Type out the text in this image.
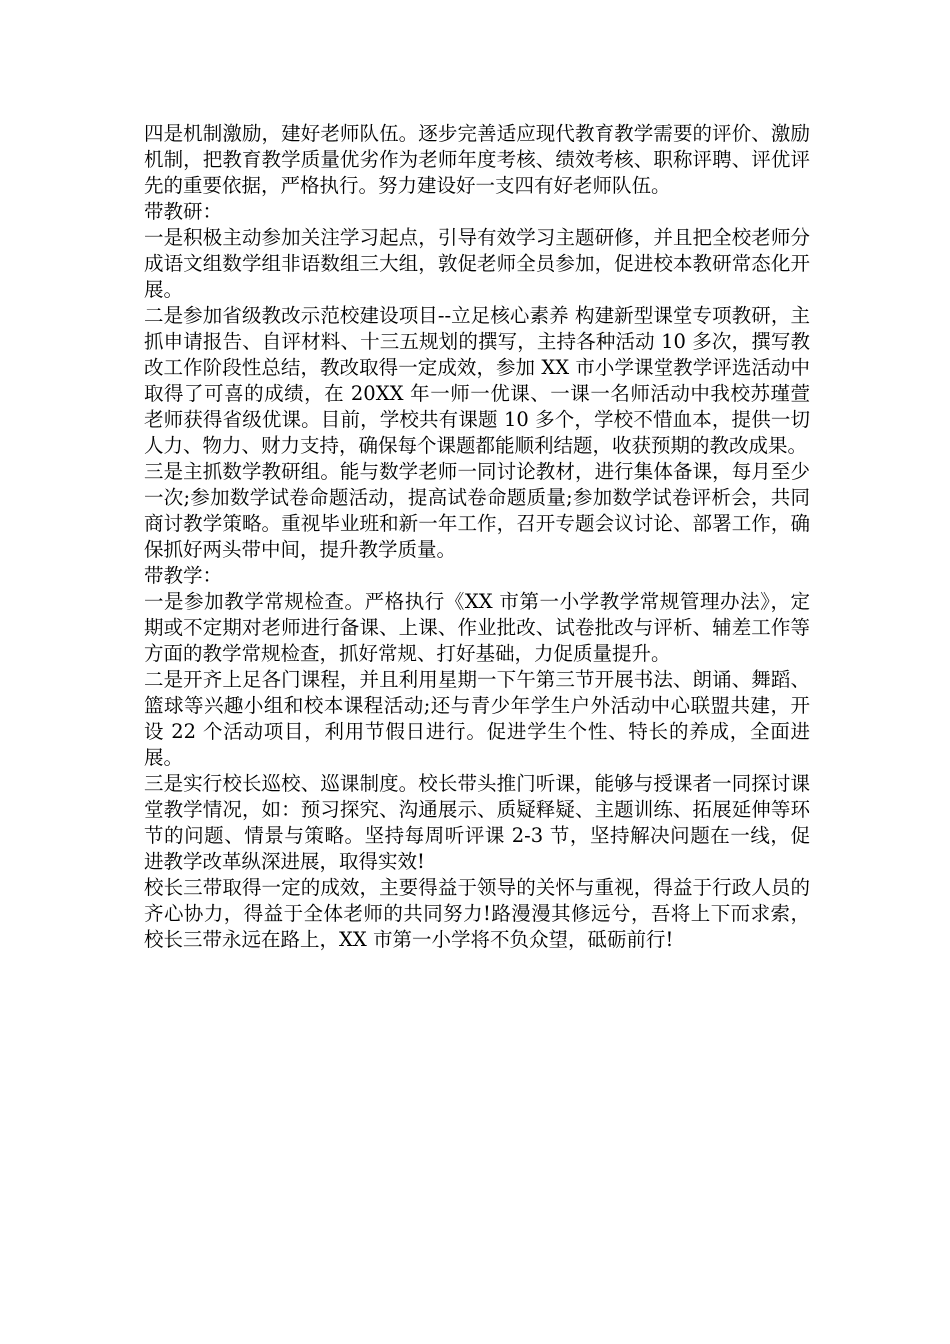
四是机制激励，建好老师队伍。逐步完善适应现代教育教学需要的评价、激励机制，把教育教学质量优劣作为老师年度考核、绩效考核、职称评聘、评优评先的重要依据，严格执行。努力建设好一支四有好老师队伍。

带教研：

一是积极主动参加关注学习起点，引导有效学习主题研修，并且把全校老师分成语文组数学组非语数组三大组，敦促老师全员参加，促进校本教研常态化开展。

二是参加省级教改示范校建设项目--立足核心素养 构建新型课堂专项教研，主抓申请报告、自评材料、十三五规划的撰写，主持各种活动 10 多次，撰写教改工作阶段性总结，教改取得一定成效，参加 XX 市小学课堂教学评选活动中取得了可喜的成绩，在 20XX 年一师一优课、一课一名师活动中我校苏瑾萱老师获得省级优课。目前，学校共有课题 10 多个，学校不惜血本，提供一切人力、物力、财力支持，确保每个课题都能顺利结题，收获预期的教改成果。

三是主抓数学教研组。能与数学老师一同讨论教材，进行集体备课，每月至少一次;参加数学试卷命题活动，提高试卷命题质量;参加数学试卷评析会，共同商讨教学策略。重视毕业班和新一年工作，召开专题会议讨论、部署工作，确保抓好两头带中间，提升教学质量。

带教学：

一是参加教学常规检查。严格执行《XX 市第一小学教学常规管理办法》，定期或不定期对老师进行备课、上课、作业批改、试卷批改与评析、辅差工作等方面的教学常规检查，抓好常规、打好基础，力促质量提升。

二是开齐上足各门课程，并且利用星期一下午第三节开展书法、朗诵、舞蹈、篮球等兴趣小组和校本课程活动;还与青少年学生户外活动中心联盟共建，开设 22 个活动项目，利用节假日进行。促进学生个性、特长的养成，全面进展。

三是实行校长巡校、巡课制度。校长带头推门听课，能够与授课者一同探讨课堂教学情况，如：预习探究、沟通展示、质疑释疑、主题训练、拓展延伸等环节的问题、情景与策略。坚持每周听评课 2-3 节，坚持解决问题在一线，促进教学改革纵深进展，取得实效!

校长三带取得一定的成效，主要得益于领导的关怀与重视，得益于行政人员的齐心协力，得益于全体老师的共同努力!路漫漫其修远兮，吾将上下而求索，校长三带永远在路上，XX 市第一小学将不负众望，砥砺前行!
